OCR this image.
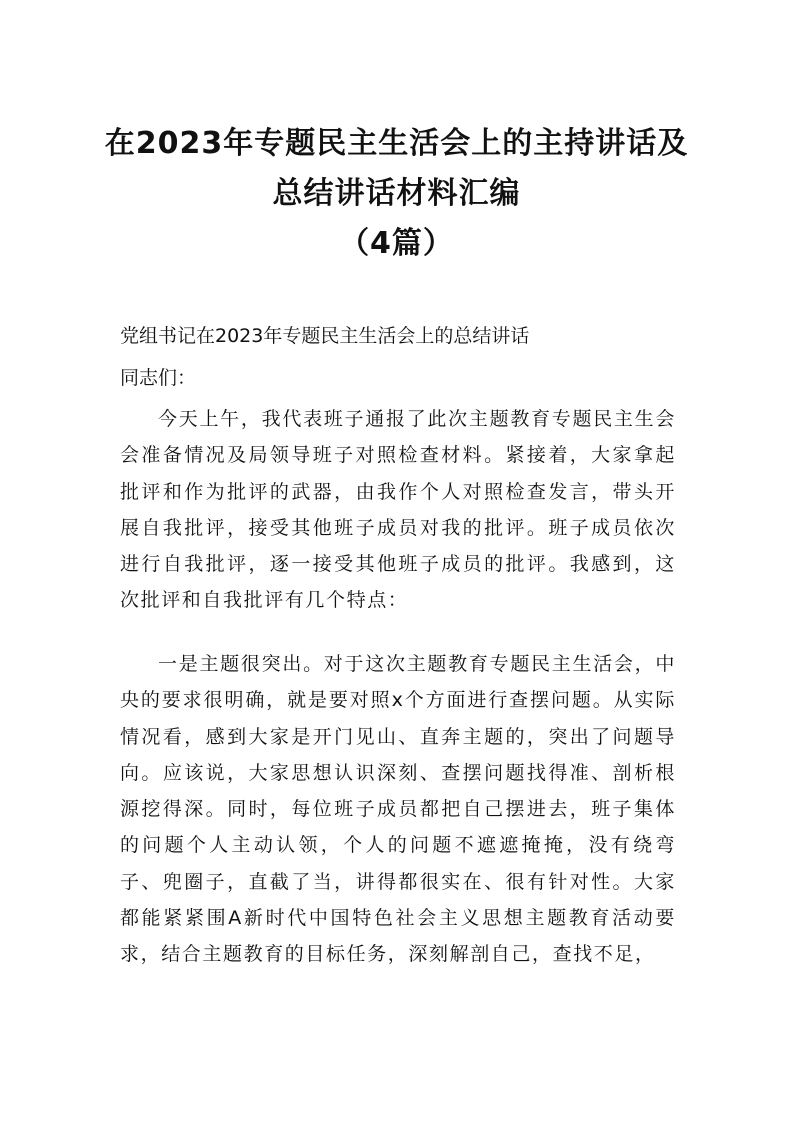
在2023年专题民主生活会上的主持讲话及
总结讲话材料汇编
（4篇）
党组书记在2023年专题民主生活会上的总结讲话
同志们：
今天上午，我代表班子通报了此次主题教育专题民主生会会准备情况及局领导班子对照检查材料。紧接着，大家拿起批评和作为批评的武器，由我作个人对照检查发言，带头开展自我批评，接受其他班子成员对我的批评。班子成员依次进行自我批评，逐一接受其他班子成员的批评。我感到，这次批评和自我批评有几个特点：
一是主题很突出。对于这次主题教育专题民主生活会，中央的要求很明确，就是要对照x个方面进行查摆问题。从实际情况看，感到大家是开门见山、直奔主题的，突出了问题导向。应该说，大家思想认识深刻、查摆问题找得准、剖析根源挖得深。同时，每位班子成员都把自己摆进去，班子集体的问题个人主动认领，个人的问题不遮遮掩掩，没有绕弯子、兜圈子，直截了当，讲得都很实在、很有针对性。大家都能紧紧围A新时代中国特色社会主义思想主题教育活动要求，结合主题教育的目标任务，深刻解剖自己，查找不足，
